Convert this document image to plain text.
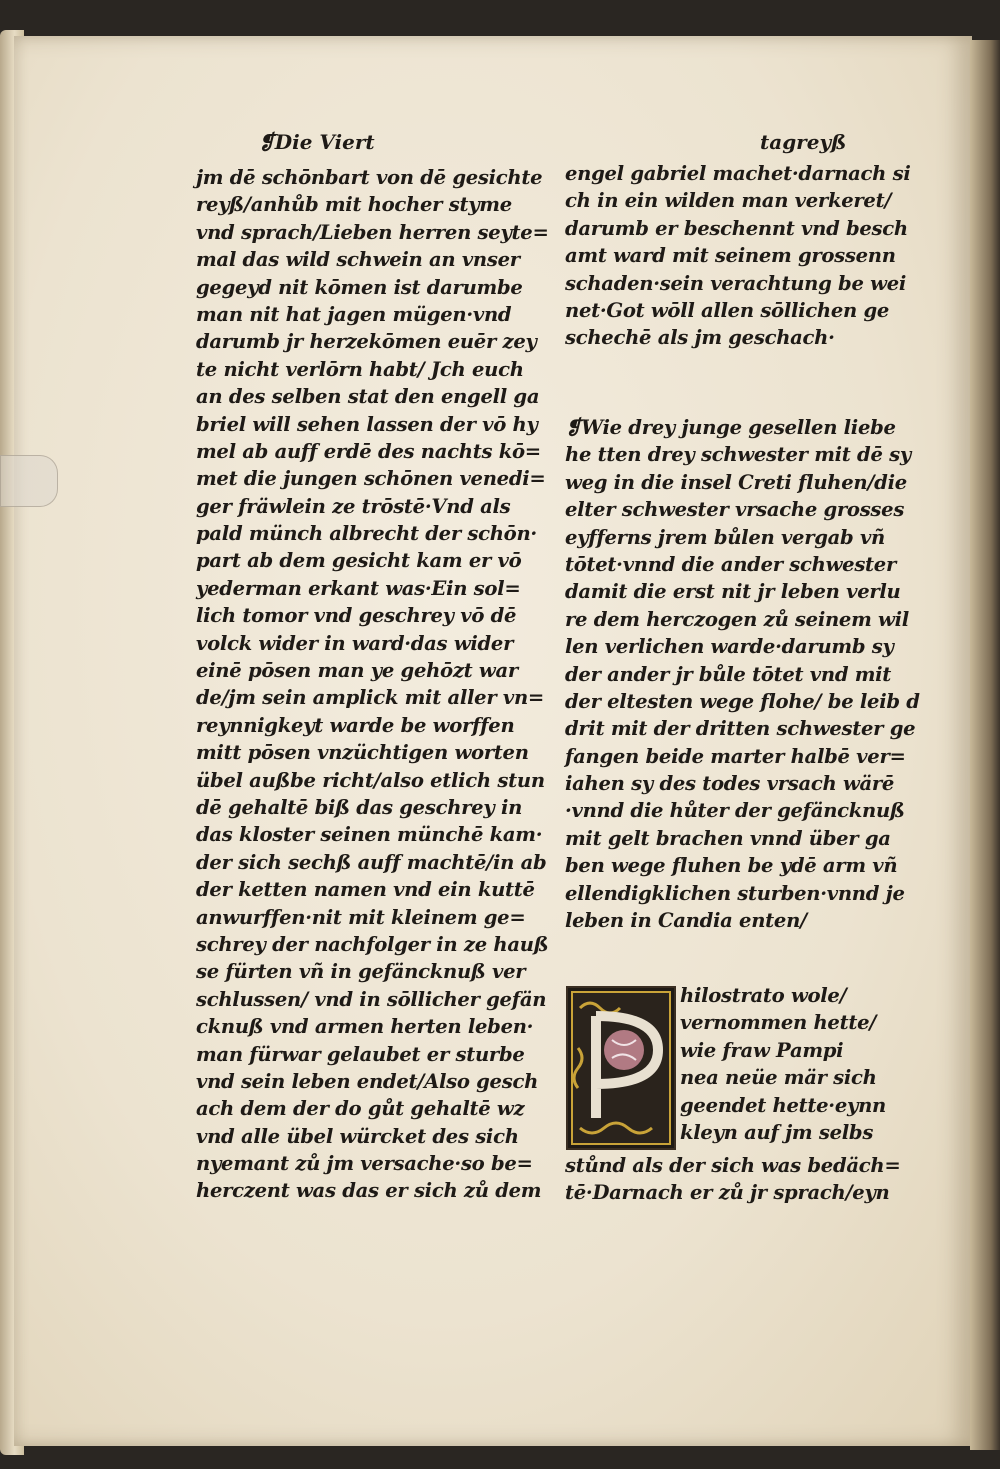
❡Die Viert	tagreyß
jm dē schōnbart von dē gesichte
reyß/anhůb mit hocher styme
vnd sprach/Lieben herren seyte=
mal das wild schwein an vnser
gegeyd nit kōmen ist darumbe
man nit hat jagen mügen·vnd
darumb jr herzekōmen euēr zey
te nicht verlōrn habt/ Jch euch
an des selben stat den engell ga
briel will sehen lassen der vō hy
mel ab auff erdē des nachts kō=
met die jungen schōnen venedi=
ger fräwlein ze trōstē·Vnd als
pald münch albrecht der schōn·
part ab dem gesicht kam er vō
yederman erkant was·Ein sol=
lich tomor vnd geschrey vō dē
volck wider in ward·das wider
einē pōsen man ye gehōzt war
de/jm sein amplick mit aller vn=
reynnigkeyt warde be worffen
mitt pōsen vnzüchtigen worten
übel außbe richt/also etlich stun
dē gehaltē biß das geschrey in
das kloster seinen münchē kam·
der sich sechß auff machtē/in ab
der ketten namen vnd ein kuttē
anwurffen·nit mit kleinem ge=
schrey der nachfolger in ze hauß
se fürten vñ in gefäncknuß ver
schlussen/ vnd in sōllicher gefän
cknuß vnd armen herten leben·
man fürwar gelaubet er sturbe
vnd sein leben endet/Also gesch
ach dem der do gůt gehaltē wz
vnd alle übel würcket des sich
nyemant zů jm versache·so be=
herczent was das er sich zů dem
engel gabriel machet·darnach si
ch in ein wilden man verkeret/
darumb er beschennt vnd besch
amt ward mit seinem grossenn
schaden·sein verachtung be wei
net·Got wōll allen sōllichen ge
schechē als jm geschach·
❡Wie drey junge gesellen liebe
he tten drey schwester mit dē sy
weg in die insel Creti fluhen/die
elter schwester vrsache grosses
eyfferns jrem bůlen vergab vñ
tōtet·vnnd die ander schwester
damit die erst nit jr leben verlu
re dem herczogen zů seinem wil
len verlichen warde·darumb sy
der ander jr bůle tōtet vnd mit
der eltesten wege flohe/ be leib d
drit mit der dritten schwester ge
fangen beide marter halbē ver=
iahen sy des todes vrsach wärē
·vnnd die hůter der gefäncknuß
mit gelt brachen vnnd über ga
ben wege fluhen be ydē arm vñ
ellendigklichen sturben·vnnd je
leben in Candia enten/
hilostrato wole/
vernommen hette/
wie fraw Pampi
nea neüe mär sich
geendet hette·eynn
kleyn auf jm selbs
stůnd als der sich was bedäch=
tē·Darnach er zů jr sprach/eyn
